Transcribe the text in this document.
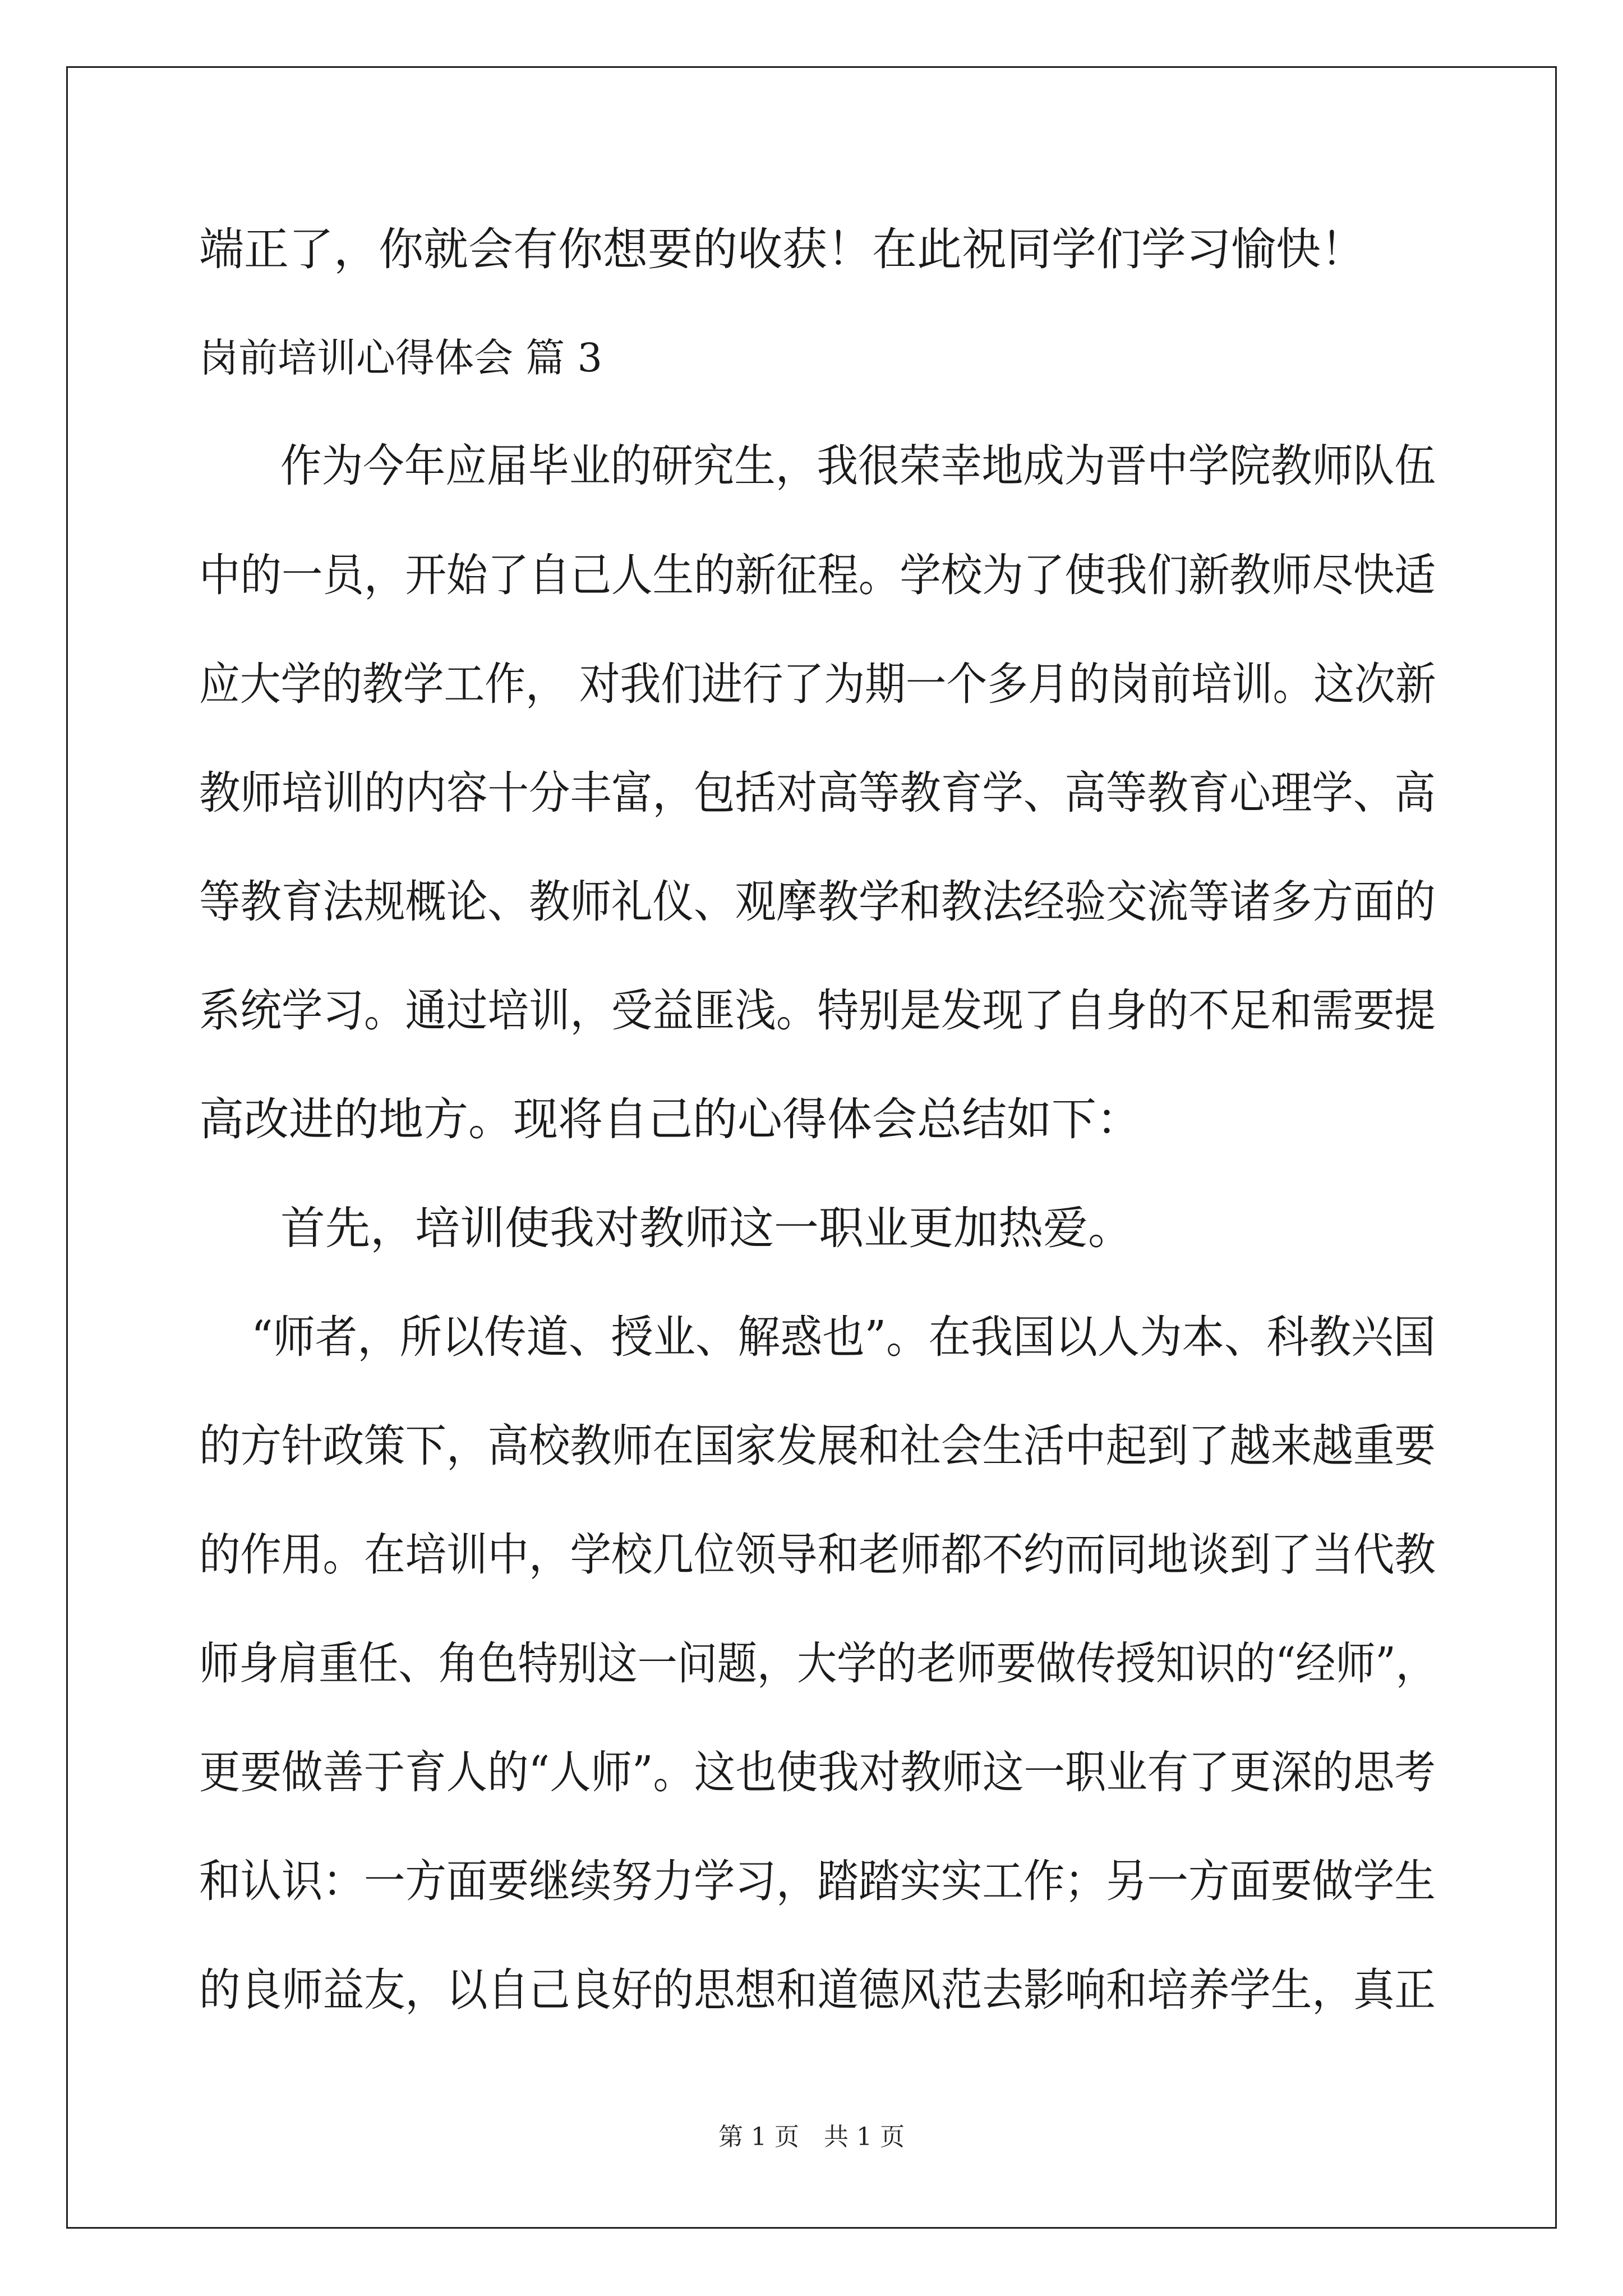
端正了，你就会有你想要的收获！在此祝同学们学习愉快！
岗前培训心得体会 篇 3
作为今年应届毕业的研究生，我很荣幸地成为晋中学院教师队伍
中的一员，开始了自己人生的新征程。学校为了使我们新教师尽快适
应大学的教学工作， 对我们进行了为期一个多月的岗前培训。这次新
教师培训的内容十分丰富，包括对高等教育学、高等教育心理学、高
等教育法规概论、教师礼仪、观摩教学和教法经验交流等诸多方面的
系统学习。通过培训，受益匪浅。特别是发现了自身的不足和需要提
高改进的地方。现将自己的心得体会总结如下：
首先，培训使我对教师这一职业更加热爱。
“师者，所以传道、授业、解惑也”。在我国以人为本、科教兴国
的方针政策下，高校教师在国家发展和社会生活中起到了越来越重要
的作用。在培训中，学校几位领导和老师都不约而同地谈到了当代教
师身肩重任、角色特别这一问题，大学的老师要做传授知识的“经师”，
更要做善于育人的“人师”。这也使我对教师这一职业有了更深的思考
和认识：一方面要继续努力学习，踏踏实实工作；另一方面要做学生
的良师益友，以自己良好的思想和道德风范去影响和培养学生，真正
第 1 页　共 1 页
